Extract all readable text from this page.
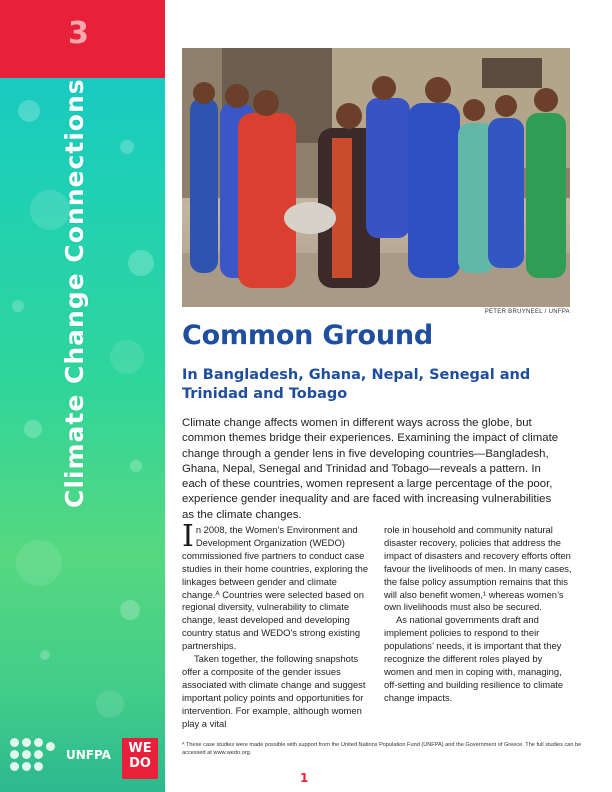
3

Climate Change Connections

UNFPA	WE
DO

PETER BRUYNEEL / UNFPA

Common Ground
In Bangladesh, Ghana, Nepal, Senegal and Trinidad and Tobago

Climate change affects women in different ways across the globe, but common themes bridge their experiences. Examining the impact of climate change through a gender lens in five developing countries—Bangladesh, Ghana, Nepal, Senegal and Trinidad and Tobago—reveals a pattern. In each of these countries, women represent a large percentage of the poor, experience gender inequality and are faced with increasing vulnerabilities as the climate changes.

In 2008, the Women’s Environment and Development Organization (WEDO) commissioned five partners to conduct case studies in their home countries, exploring the linkages between gender and climate change.ᴬ Countries were selected based on regional diversity, vulnerability to climate change, least developed and developing country status and WEDO’s strong existing partnerships.

Taken together, the following snapshots offer a composite of the gender issues associated with climate change and suggest important policy points and opportunities for intervention. For example, although women play a vital

role in household and community natural disaster recovery, policies that address the impact of disasters and recovery efforts often favour the livelihoods of men. In many cases, the false policy assumption remains that this will also benefit women,¹ whereas women’s own livelihoods must also be secured.

As national governments draft and implement policies to respond to their populations’ needs, it is important that they recognize the different roles played by women and men in coping with, managing, off-setting and building resilience to climate change impacts.

ᴬ These case studies were made possible with support from the United Nations Population Fund (UNFPA) and the Government of Greece. The full studies can be accessed at www.wedo.org.

1
